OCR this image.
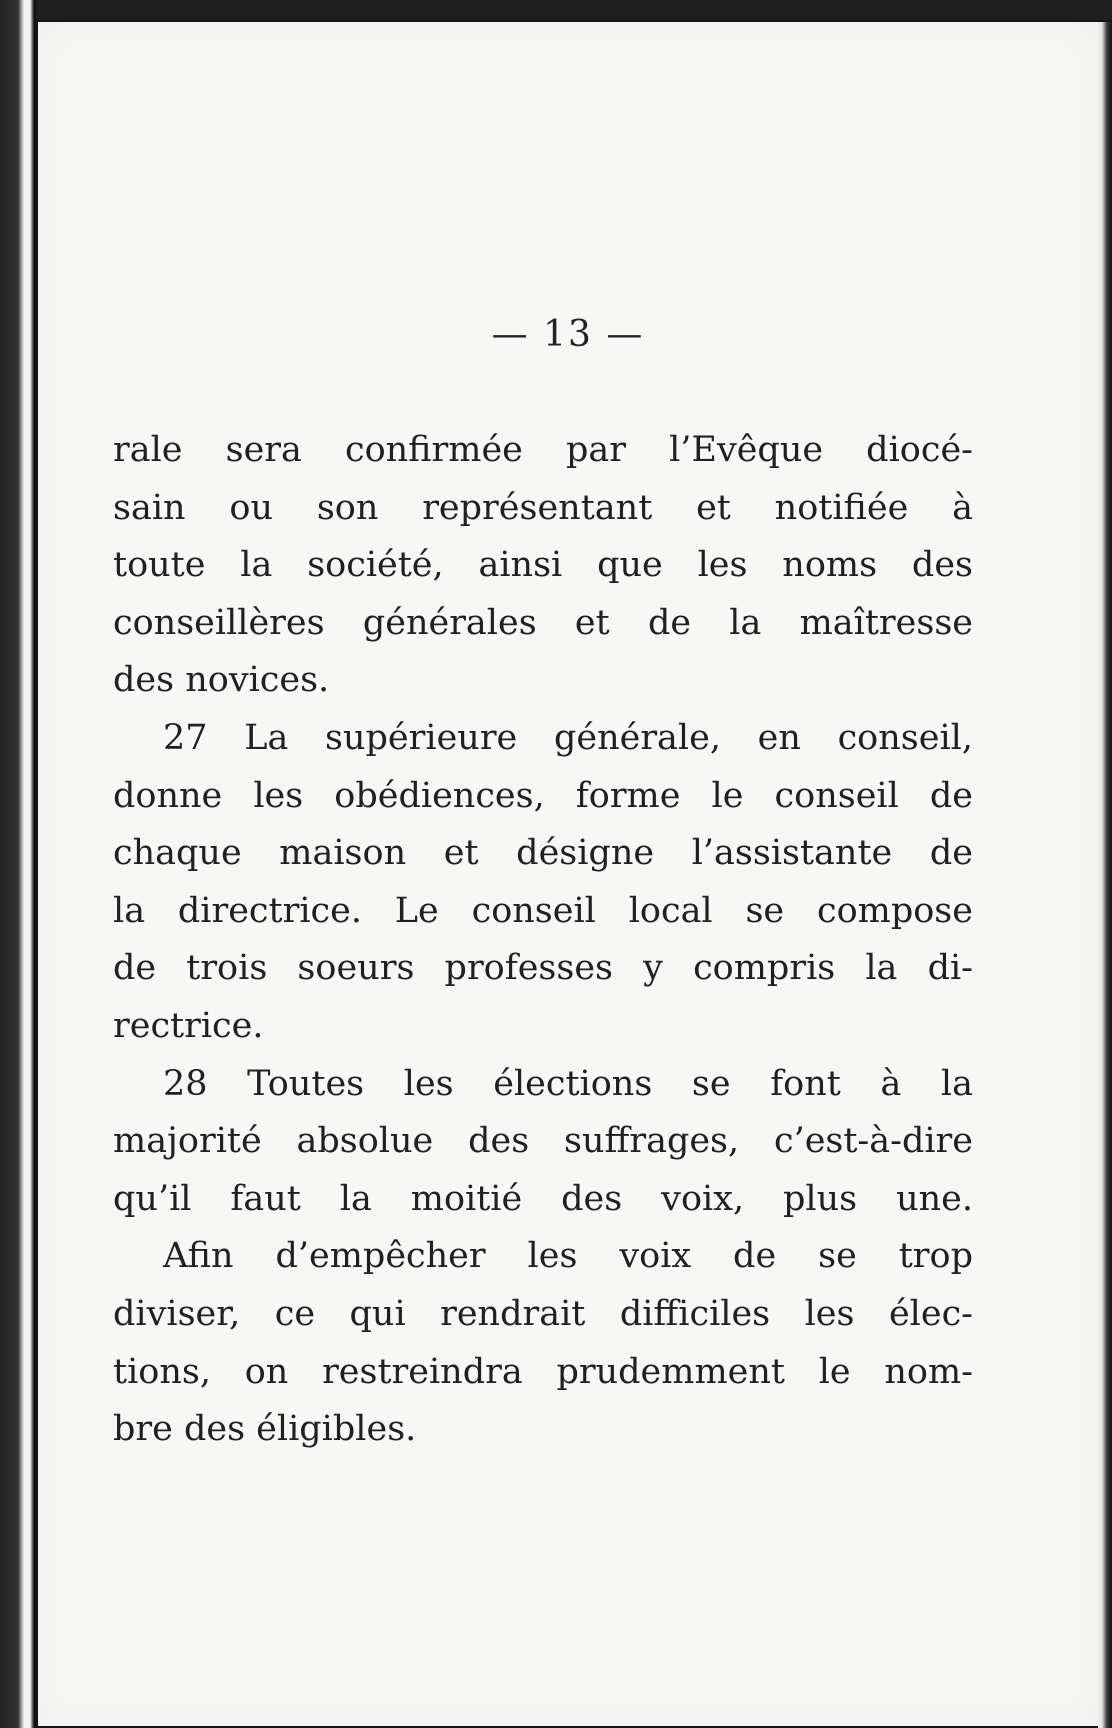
— 13 —
rale sera confirmée par l’Evêque diocé-
sain ou son représentant et notifiée à
toute la société, ainsi que les noms des
conseillères générales et de la maîtresse
des novices.
27 La supérieure générale, en conseil,
donne les obédiences, forme le conseil de
chaque maison et désigne l’assistante de
la directrice. Le conseil local se compose
de trois soeurs professes y compris la di-
rectrice.
28 Toutes les élections se font à la
majorité absolue des suffrages, c’est-à-dire
qu’il faut la moitié des voix, plus une.
Afin d’empêcher les voix de se trop
diviser, ce qui rendrait difficiles les élec-
tions, on restreindra prudemment le nom-
bre des éligibles.
